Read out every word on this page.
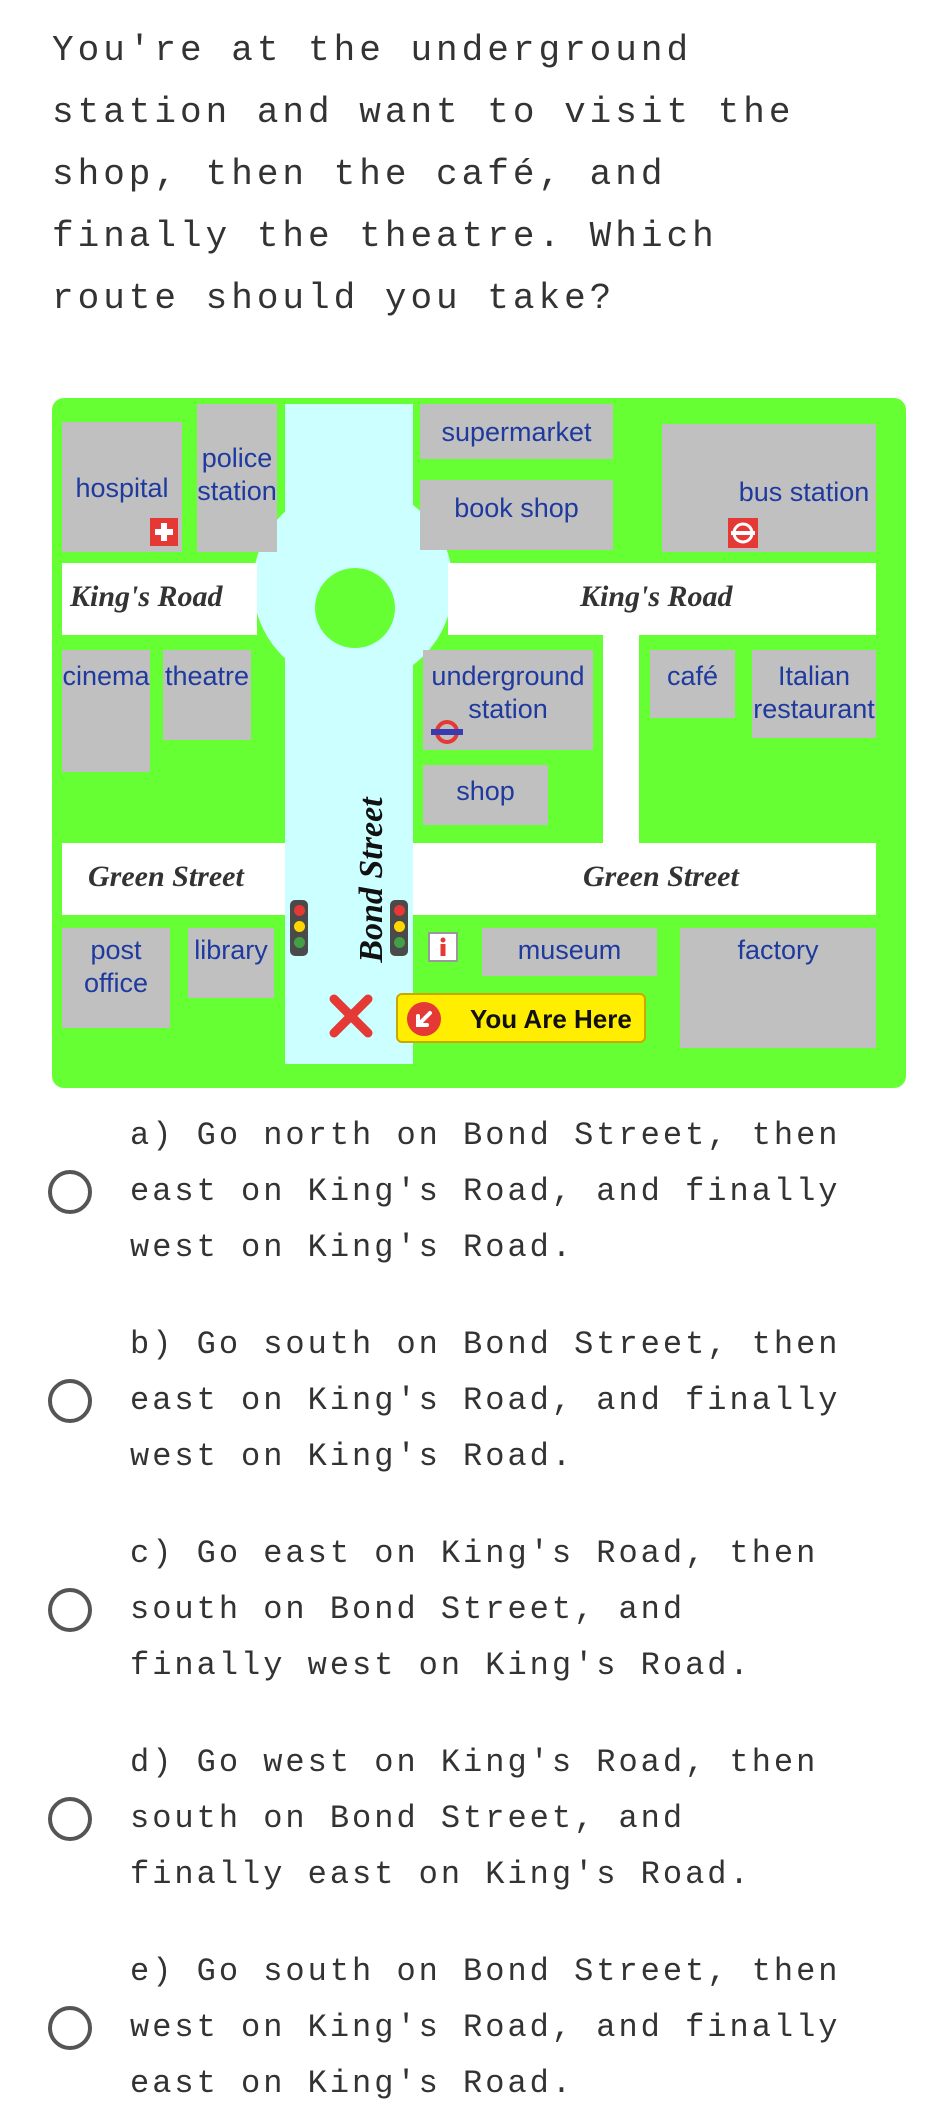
You're at the underground
station and want to visit the
shop, then the café, and
finally the theatre. Which
route should you take?

hospital
police
station
supermarket
book shop
bus station
cinema theatre	underground
station
shop
café	Italian
restaurant
post
office
library	museum	factory
King's Road	King's Road
Green Street	Green Street
Bond Street
You Are Here
a) Go north on Bond Street, then
east on King's Road, and finally
west on King's Road.
b) Go south on Bond Street, then
east on King's Road, and finally
west on King's Road.
c) Go east on King's Road, then
south on Bond Street, and
finally west on King's Road.
d) Go west on King's Road, then
south on Bond Street, and
finally east on King's Road.
e) Go south on Bond Street, then
west on King's Road, and finally
east on King's Road.
